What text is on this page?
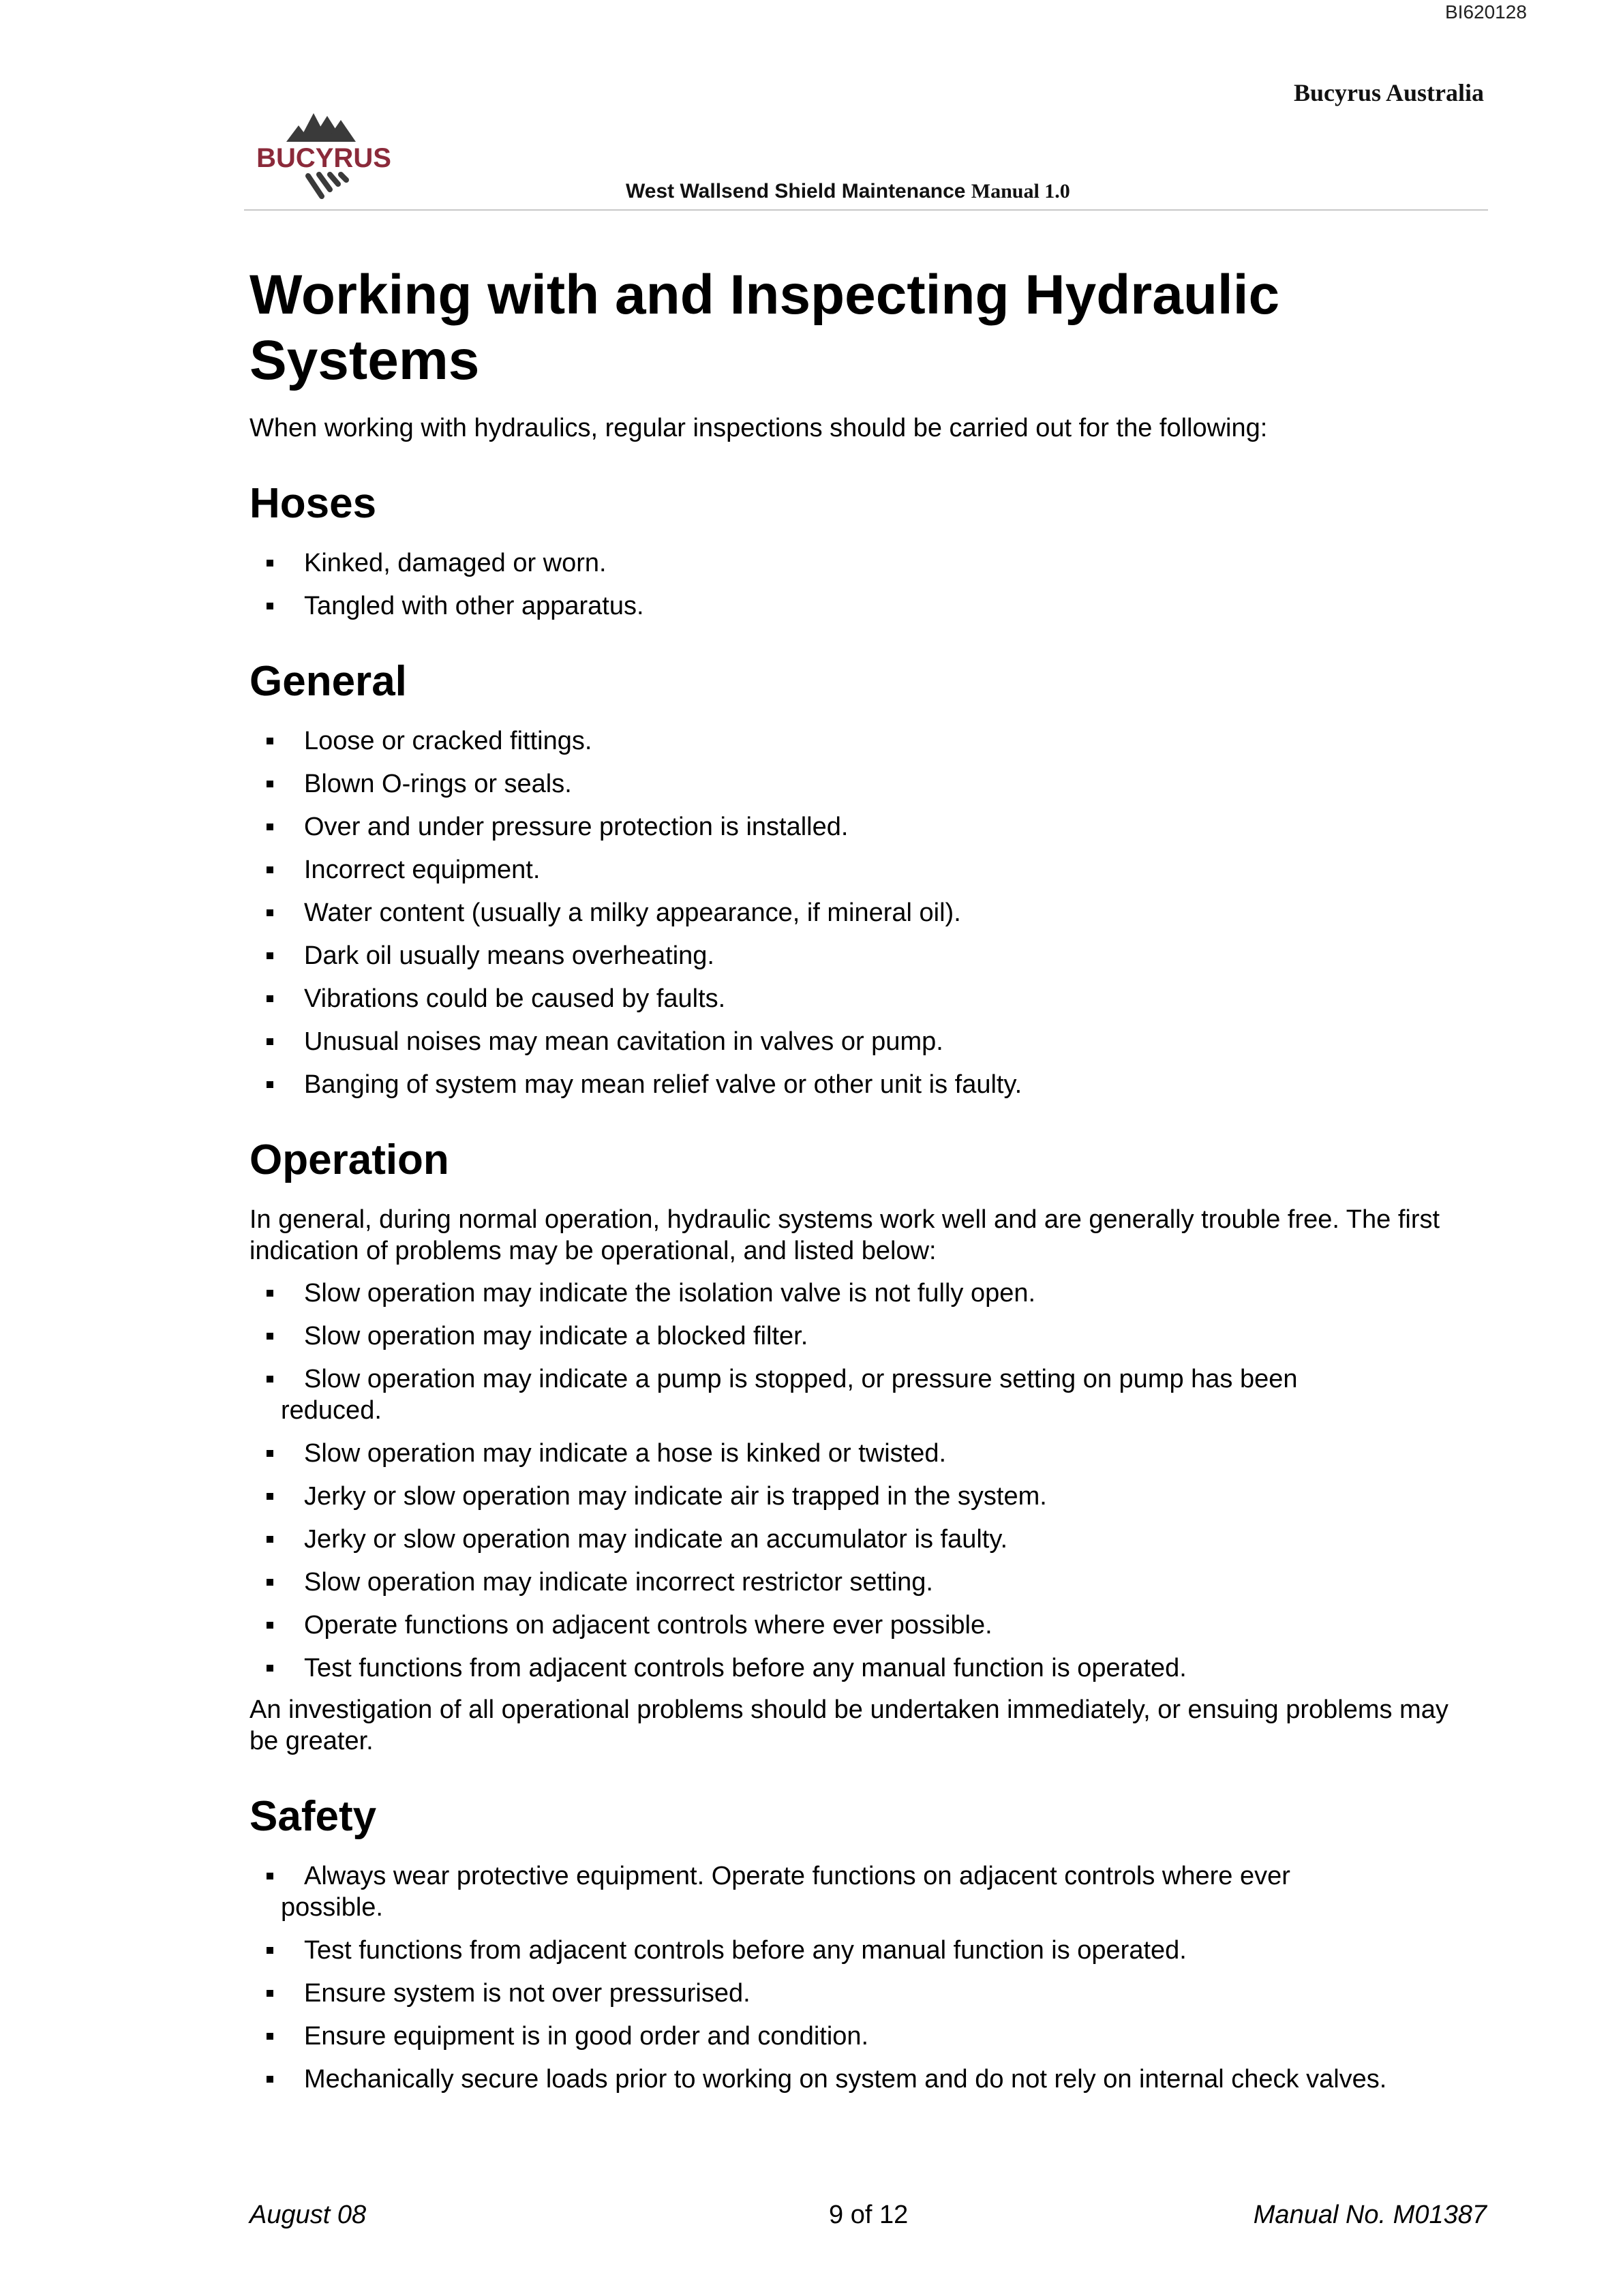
BI620128
Bucyrus Australia
BUCYRUS
West Wallsend Shield Maintenance Manual 1.0
Working with and Inspecting Hydraulic Systems

When working with hydraulics, regular inspections should be carried out for the following:

Hoses
Kinked, damaged or worn.
Tangled with other apparatus.
General
Loose or cracked fittings.
Blown O-rings or seals.
Over and under pressure protection is installed.
Incorrect equipment.
Water content (usually a milky appearance, if mineral oil).
Dark oil usually means overheating.
Vibrations could be caused by faults.
Unusual noises may mean cavitation in valves or pump.
Banging of system may mean relief valve or other unit is faulty.
Operation

In general, during normal operation, hydraulic systems work well and are generally trouble free. The first indication of problems may be operational, and listed below:

Slow operation may indicate the isolation valve is not fully open.
Slow operation may indicate a blocked filter.
Slow operation may indicate a pump is stopped, or pressure setting on pump has been
reduced.
Slow operation may indicate a hose is kinked or twisted.
Jerky or slow operation may indicate air is trapped in the system.
Jerky or slow operation may indicate an accumulator is faulty.
Slow operation may indicate incorrect restrictor setting.
Operate functions on adjacent controls where ever possible.
Test functions from adjacent controls before any manual function is operated.

An investigation of all operational problems should be undertaken immediately, or ensuing problems may be greater.

Safety
Always wear protective equipment. Operate functions on adjacent controls where ever
possible.
Test functions from adjacent controls before any manual function is operated.
Ensure system is not over pressurised.
Ensure equipment is in good order and condition.
Mechanically secure loads prior to working on system and do not rely on internal check valves.
August 08	9 of 12	Manual No. M01387
